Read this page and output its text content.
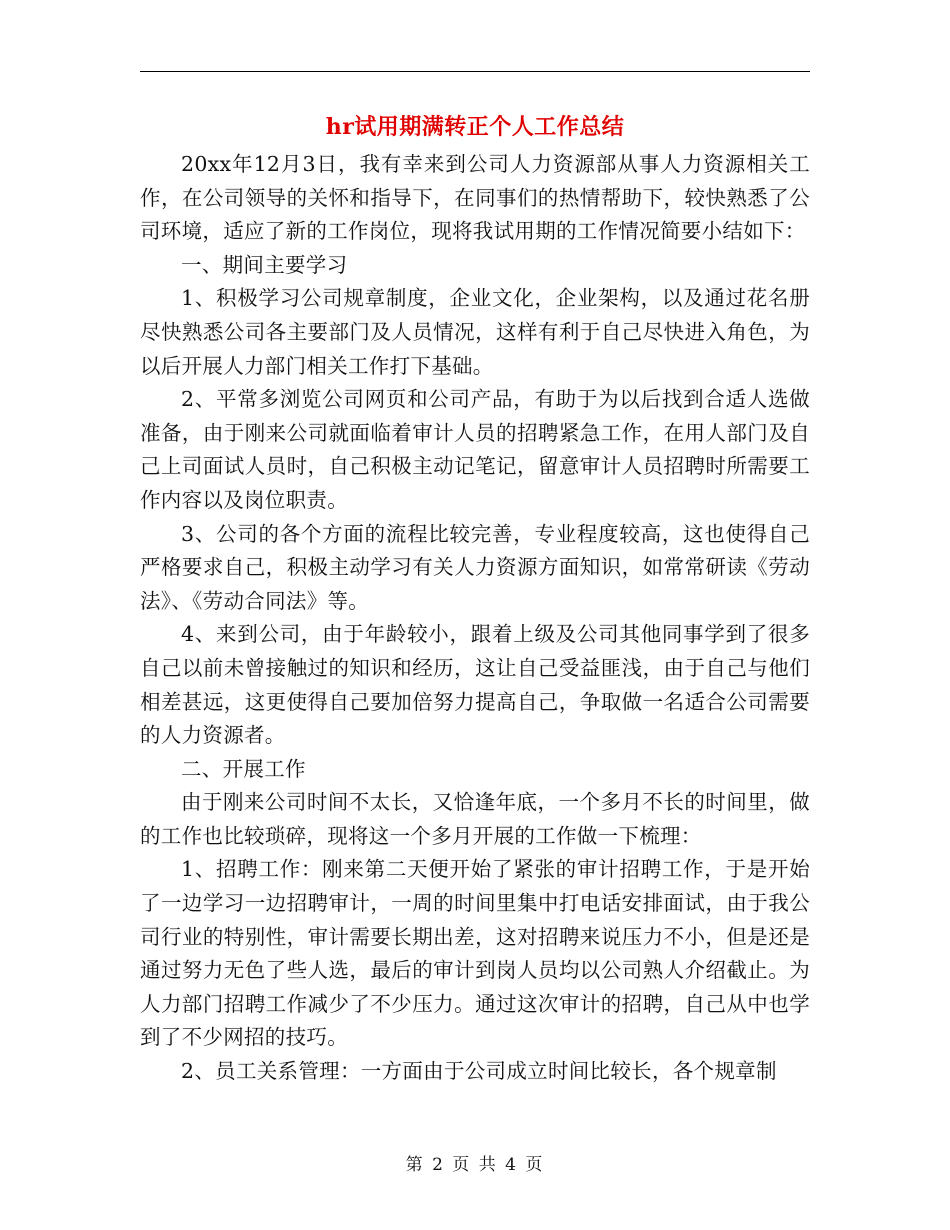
hr试用期满转正个人工作总结

20xx年12月3日，我有幸来到公司人力资源部从事人力资源相关工作，在公司领导的关怀和指导下，在同事们的热情帮助下，较快熟悉了公司环境，适应了新的工作岗位，现将我试用期的工作情况简要小结如下：

一、期间主要学习

1、积极学习公司规章制度，企业文化，企业架构，以及通过花名册尽快熟悉公司各主要部门及人员情况，这样有利于自己尽快进入角色，为以后开展人力部门相关工作打下基础。

2、平常多浏览公司网页和公司产品，有助于为以后找到合适人选做准备，由于刚来公司就面临着审计人员的招聘紧急工作，在用人部门及自己上司面试人员时，自己积极主动记笔记，留意审计人员招聘时所需要工作内容以及岗位职责。

3、公司的各个方面的流程比较完善，专业程度较高，这也使得自己严格要求自己，积极主动学习有关人力资源方面知识，如常常研读《劳动法》、《劳动合同法》等。

4、来到公司，由于年龄较小，跟着上级及公司其他同事学到了很多自己以前未曾接触过的知识和经历，这让自己受益匪浅，由于自己与他们相差甚远，这更使得自己要加倍努力提高自己，争取做一名适合公司需要的人力资源者。

二、开展工作

由于刚来公司时间不太长，又恰逢年底，一个多月不长的时间里，做的工作也比较琐碎，现将这一个多月开展的工作做一下梳理：

1、招聘工作：刚来第二天便开始了紧张的审计招聘工作，于是开始了一边学习一边招聘审计，一周的时间里集中打电话安排面试，由于我公司行业的特别性，审计需要长期出差，这对招聘来说压力不小，但是还是通过努力无色了些人选，最后的审计到岗人员均以公司熟人介绍截止。为人力部门招聘工作减少了不少压力。通过这次审计的招聘，自己从中也学到了不少网招的技巧。

2、员工关系管理：一方面由于公司成立时间比较长，各个规章制

第 2 页 共 4 页
